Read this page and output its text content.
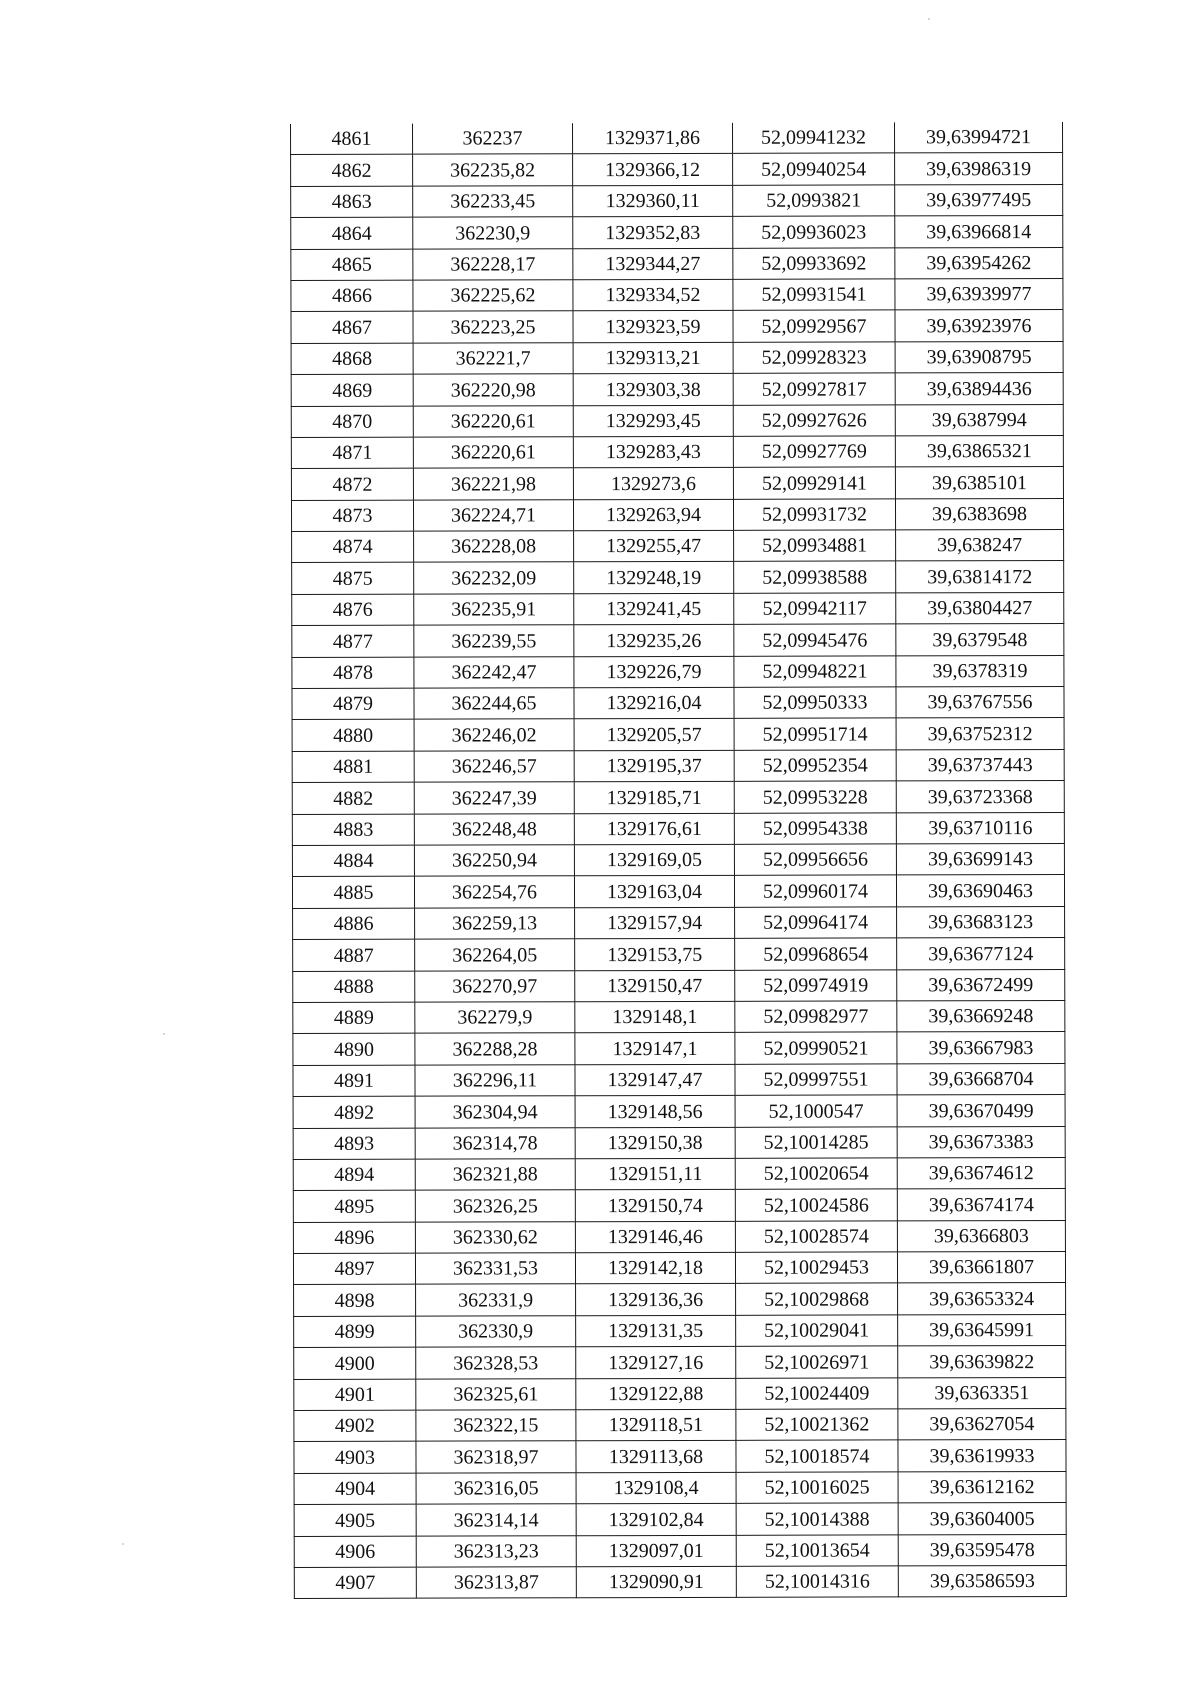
4861	362237	1329371,86	52,09941232	39,63994721
4862	362235,82	1329366,12	52,09940254	39,63986319
4863	362233,45	1329360,11	52,0993821	39,63977495
4864	362230,9	1329352,83	52,09936023	39,63966814
4865	362228,17	1329344,27	52,09933692	39,63954262
4866	362225,62	1329334,52	52,09931541	39,63939977
4867	362223,25	1329323,59	52,09929567	39,63923976
4868	362221,7	1329313,21	52,09928323	39,63908795
4869	362220,98	1329303,38	52,09927817	39,63894436
4870	362220,61	1329293,45	52,09927626	39,6387994
4871	362220,61	1329283,43	52,09927769	39,63865321
4872	362221,98	1329273,6	52,09929141	39,6385101
4873	362224,71	1329263,94	52,09931732	39,6383698
4874	362228,08	1329255,47	52,09934881	39,638247
4875	362232,09	1329248,19	52,09938588	39,63814172
4876	362235,91	1329241,45	52,09942117	39,63804427
4877	362239,55	1329235,26	52,09945476	39,6379548
4878	362242,47	1329226,79	52,09948221	39,6378319
4879	362244,65	1329216,04	52,09950333	39,63767556
4880	362246,02	1329205,57	52,09951714	39,63752312
4881	362246,57	1329195,37	52,09952354	39,63737443
4882	362247,39	1329185,71	52,09953228	39,63723368
4883	362248,48	1329176,61	52,09954338	39,63710116
4884	362250,94	1329169,05	52,09956656	39,63699143
4885	362254,76	1329163,04	52,09960174	39,63690463
4886	362259,13	1329157,94	52,09964174	39,63683123
4887	362264,05	1329153,75	52,09968654	39,63677124
4888	362270,97	1329150,47	52,09974919	39,63672499
4889	362279,9	1329148,1	52,09982977	39,63669248
4890	362288,28	1329147,1	52,09990521	39,63667983
4891	362296,11	1329147,47	52,09997551	39,63668704
4892	362304,94	1329148,56	52,1000547	39,63670499
4893	362314,78	1329150,38	52,10014285	39,63673383
4894	362321,88	1329151,11	52,10020654	39,63674612
4895	362326,25	1329150,74	52,10024586	39,63674174
4896	362330,62	1329146,46	52,10028574	39,6366803
4897	362331,53	1329142,18	52,10029453	39,63661807
4898	362331,9	1329136,36	52,10029868	39,63653324
4899	362330,9	1329131,35	52,10029041	39,63645991
4900	362328,53	1329127,16	52,10026971	39,63639822
4901	362325,61	1329122,88	52,10024409	39,6363351
4902	362322,15	1329118,51	52,10021362	39,63627054
4903	362318,97	1329113,68	52,10018574	39,63619933
4904	362316,05	1329108,4	52,10016025	39,63612162
4905	362314,14	1329102,84	52,10014388	39,63604005
4906	362313,23	1329097,01	52,10013654	39,63595478
4907	362313,87	1329090,91	52,10014316	39,63586593
